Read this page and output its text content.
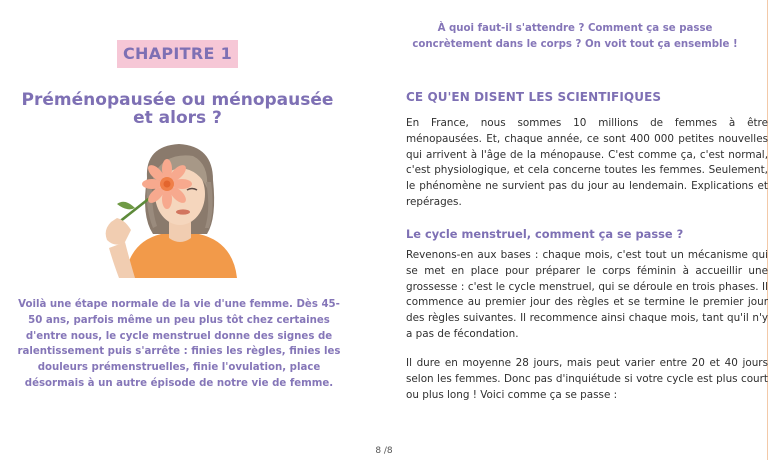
CHAPITRE 1
Préménopausée ou ménopausée
et alors ?
Voilà une étape normale de la vie d'une femme. Dès 45-50 ans, parfois même un peu plus tôt chez certaines d'entre nous, le cycle menstruel donne des signes de ralentissement puis s'arrête : finies les règles, finies les douleurs prémenstruelles, finie l'ovulation, place désormais à un autre épisode de notre vie de femme.
À quoi faut-il s'attendre ? Comment ça se passe concrètement dans le corps ? On voit tout ça ensemble !
CE QU'EN DISENT LES SCIENTIFIQUES
En France, nous sommes 10 millions de femmes à être ménopausées. Et, chaque année, ce sont 400 000 petites nouvelles qui arrivent à l'âge de la ménopause. C'est comme ça, c'est normal, c'est physiologique, et cela concerne toutes les femmes. Seulement, le phénomène ne survient pas du jour au lendemain. Explications et repérages.
Le cycle menstruel, comment ça se passe ?
Revenons-en aux bases : chaque mois, c'est tout un mécanisme qui se met en place pour préparer le corps féminin à accueillir une grossesse : c'est le cycle menstruel, qui se déroule en trois phases. Il commence au premier jour des règles et se termine le premier jour des règles suivantes. Il recommence ainsi chaque mois, tant qu'il n'y a pas de fécondation.
Il dure en moyenne 28 jours, mais peut varier entre 20 et 40 jours selon les femmes. Donc pas d'inquiétude si votre cycle est plus court ou plus long ! Voici comme ça se passe :
8 /8
